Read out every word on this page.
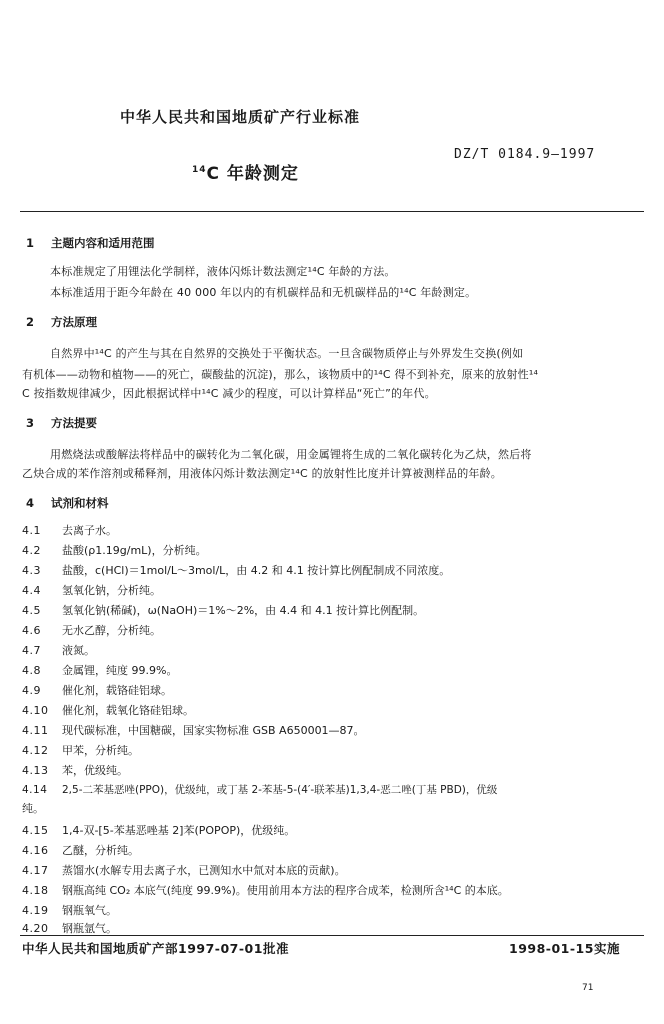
中华人民共和国地质矿产行业标准
DZ/T 0184.9—1997
$^{14}$C 年龄测定
1 主题内容和适用范围
本标准规定了用锂法化学制样，液体闪烁计数法测定¹⁴C 年龄的方法。
本标准适用于距今年龄在 40 000 年以内的有机碳样品和无机碳样品的¹⁴C 年龄测定。
2 方法原理
自然界中¹⁴C 的产生与其在自然界的交换处于平衡状态。一旦含碳物质停止与外界发生交换(例如
有机体——动物和植物——的死亡，碳酸盐的沉淀)，那么，该物质中的¹⁴C 得不到补充，原来的放射性¹⁴
C 按指数规律减少，因此根据试样中¹⁴C 减少的程度，可以计算样品“死亡”的年代。
3 方法提要
用燃烧法或酸解法将样品中的碳转化为二氧化碳，用金属锂将生成的二氧化碳转化为乙炔，然后将
乙炔合成的苯作溶剂或稀释剂，用液体闪烁计数法测定¹⁴C 的放射性比度并计算被测样品的年龄。
4 试剂和材料
4.1 去离子水。
4.2 盐酸(ρ1.19g/mL)，分析纯。
4.3 盐酸，c(HCl)＝1mol/L～3mol/L，由 4.2 和 4.1 按计算比例配制成不同浓度。
4.4 氢氧化钠，分析纯。
4.5 氢氧化钠(稀碱)，ω(NaOH)＝1%～2%，由 4.4 和 4.1 按计算比例配制。
4.6 无水乙醇，分析纯。
4.7 液氮。
4.8 金属锂，纯度 99.9%。
4.9 催化剂，载铬硅铝球。
4.10 催化剂，载氧化铬硅铝球。
4.11 现代碳标准，中国糖碳，国家实物标准 GSB A650001—87。
4.12 甲苯，分析纯。
4.13 苯，优级纯。
4.14 2,5-二苯基恶唑(PPO)，优级纯，或丁基 2-苯基-5-(4′-联苯基)1,3,4-恶二唑(丁基 PBD)，优级
纯。
4.15 1,4-双-[5-苯基恶唑基 2]苯(POPOP)，优级纯。
4.16 乙醚，分析纯。
4.17 蒸馏水(水解专用去离子水，已测知水中氚对本底的贡献)。
4.18 钢瓶高纯 CO₂ 本底气(纯度 99.9%)。使用前用本方法的程序合成苯，检测所含¹⁴C 的本底。
4.19 钢瓶氧气。
4.20 钢瓶氩气。
中华人民共和国地质矿产部1997-07-01批准	1998-01-15实施
71
